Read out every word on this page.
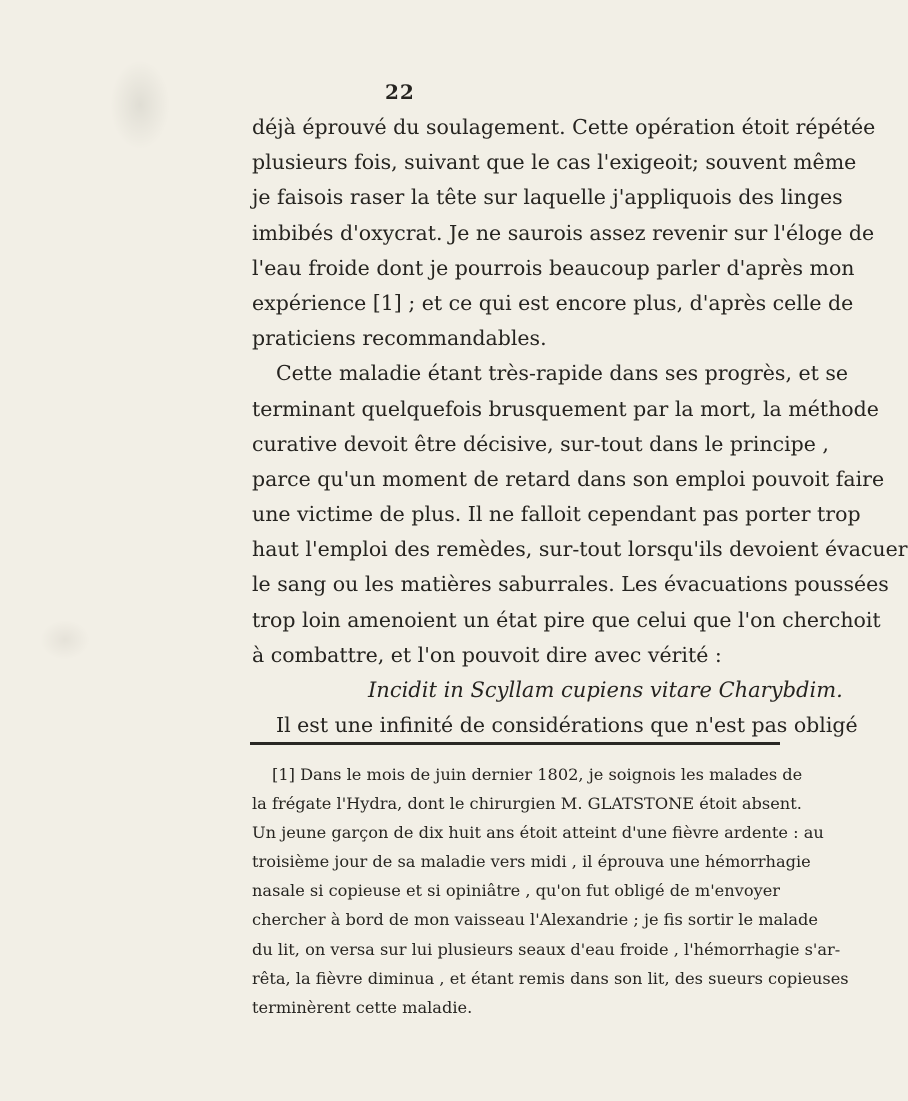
22
déjà éprouvé du soulagement. Cette opération étoit répétée
plusieurs fois, suivant que le cas l'exigeoit; souvent même
je faisois raser la tête sur laquelle j'appliquois des linges
imbibés d'oxycrat. Je ne saurois assez revenir sur l'éloge de
l'eau froide dont je pourrois beaucoup parler d'après mon
expérience [1] ; et ce qui est encore plus, d'après celle de
praticiens recommandables.
Cette maladie étant très-rapide dans ses progrès, et se
terminant quelquefois brusquement par la mort, la méthode
curative devoit être décisive, sur-tout dans le principe ,
parce qu'un moment de retard dans son emploi pouvoit faire
une victime de plus. Il ne falloit cependant pas porter trop
haut l'emploi des remèdes, sur-tout lorsqu'ils devoient évacuer
le sang ou les matières saburrales. Les évacuations poussées
trop loin amenoient un état pire que celui que l'on cherchoit
à combattre, et l'on pouvoit dire avec vérité :
Incidit in Scyllam cupiens vitare Charybdim.
Il est une infinité de considérations que n'est pas obligé
[1] Dans le mois de juin dernier 1802, je soignois les malades de
la frégate l'Hydra, dont le chirurgien M. GLATSTONE étoit absent.
Un jeune garçon de dix huit ans étoit atteint d'une fièvre ardente : au
troisième jour de sa maladie vers midi , il éprouva une hémorrhagie
nasale si copieuse et si opiniâtre , qu'on fut obligé de m'envoyer
chercher à bord de mon vaisseau l'Alexandrie ; je fis sortir le malade
du lit, on versa sur lui plusieurs seaux d'eau froide , l'hémorrhagie s'ar-
rêta, la fièvre diminua , et étant remis dans son lit, des sueurs copieuses
terminèrent cette maladie.
